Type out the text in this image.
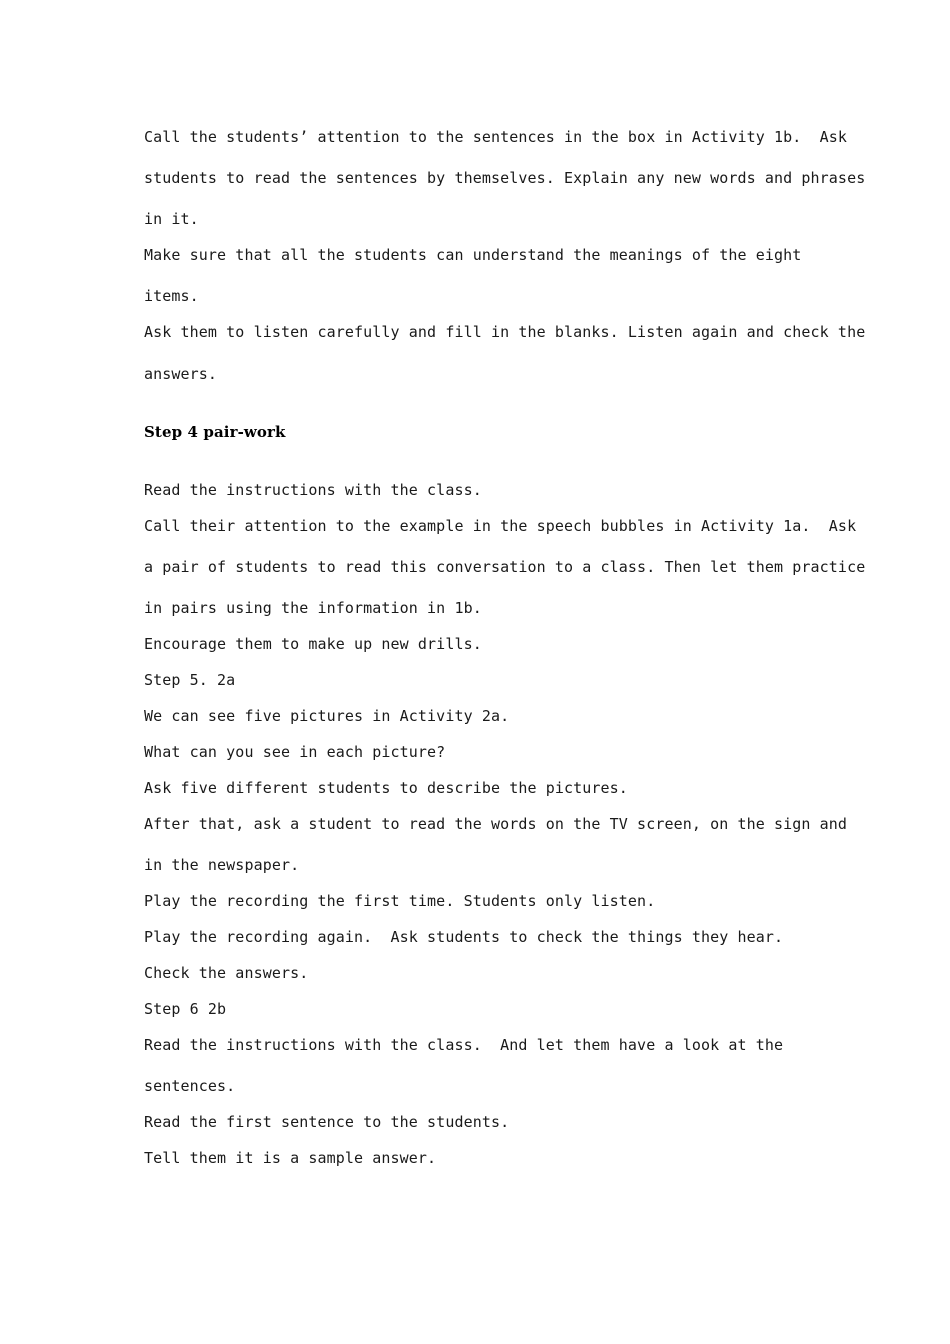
Call the students’ attention to the sentences in the box in Activity 1b.  Ask

students to read the sentences by themselves. Explain any new words and phrases

in it.

Make sure that all the students can understand the meanings of the eight

items.

Ask them to listen carefully and fill in the blanks. Listen again and check the

answers.

Step 4 pair-work

Read the instructions with the class.

Call their attention to the example in the speech bubbles in Activity 1a.  Ask

a pair of students to read this conversation to a class. Then let them practice

in pairs using the information in 1b.

Encourage them to make up new drills.

Step 5. 2a

We can see five pictures in Activity 2a.

What can you see in each picture?

Ask five different students to describe the pictures.

After that, ask a student to read the words on the TV screen, on the sign and

in the newspaper.

Play the recording the first time. Students only listen.

Play the recording again.  Ask students to check the things they hear.

Check the answers.

Step 6 2b

Read the instructions with the class.  And let them have a look at the

sentences.

Read the first sentence to the students.

Tell them it is a sample answer.
